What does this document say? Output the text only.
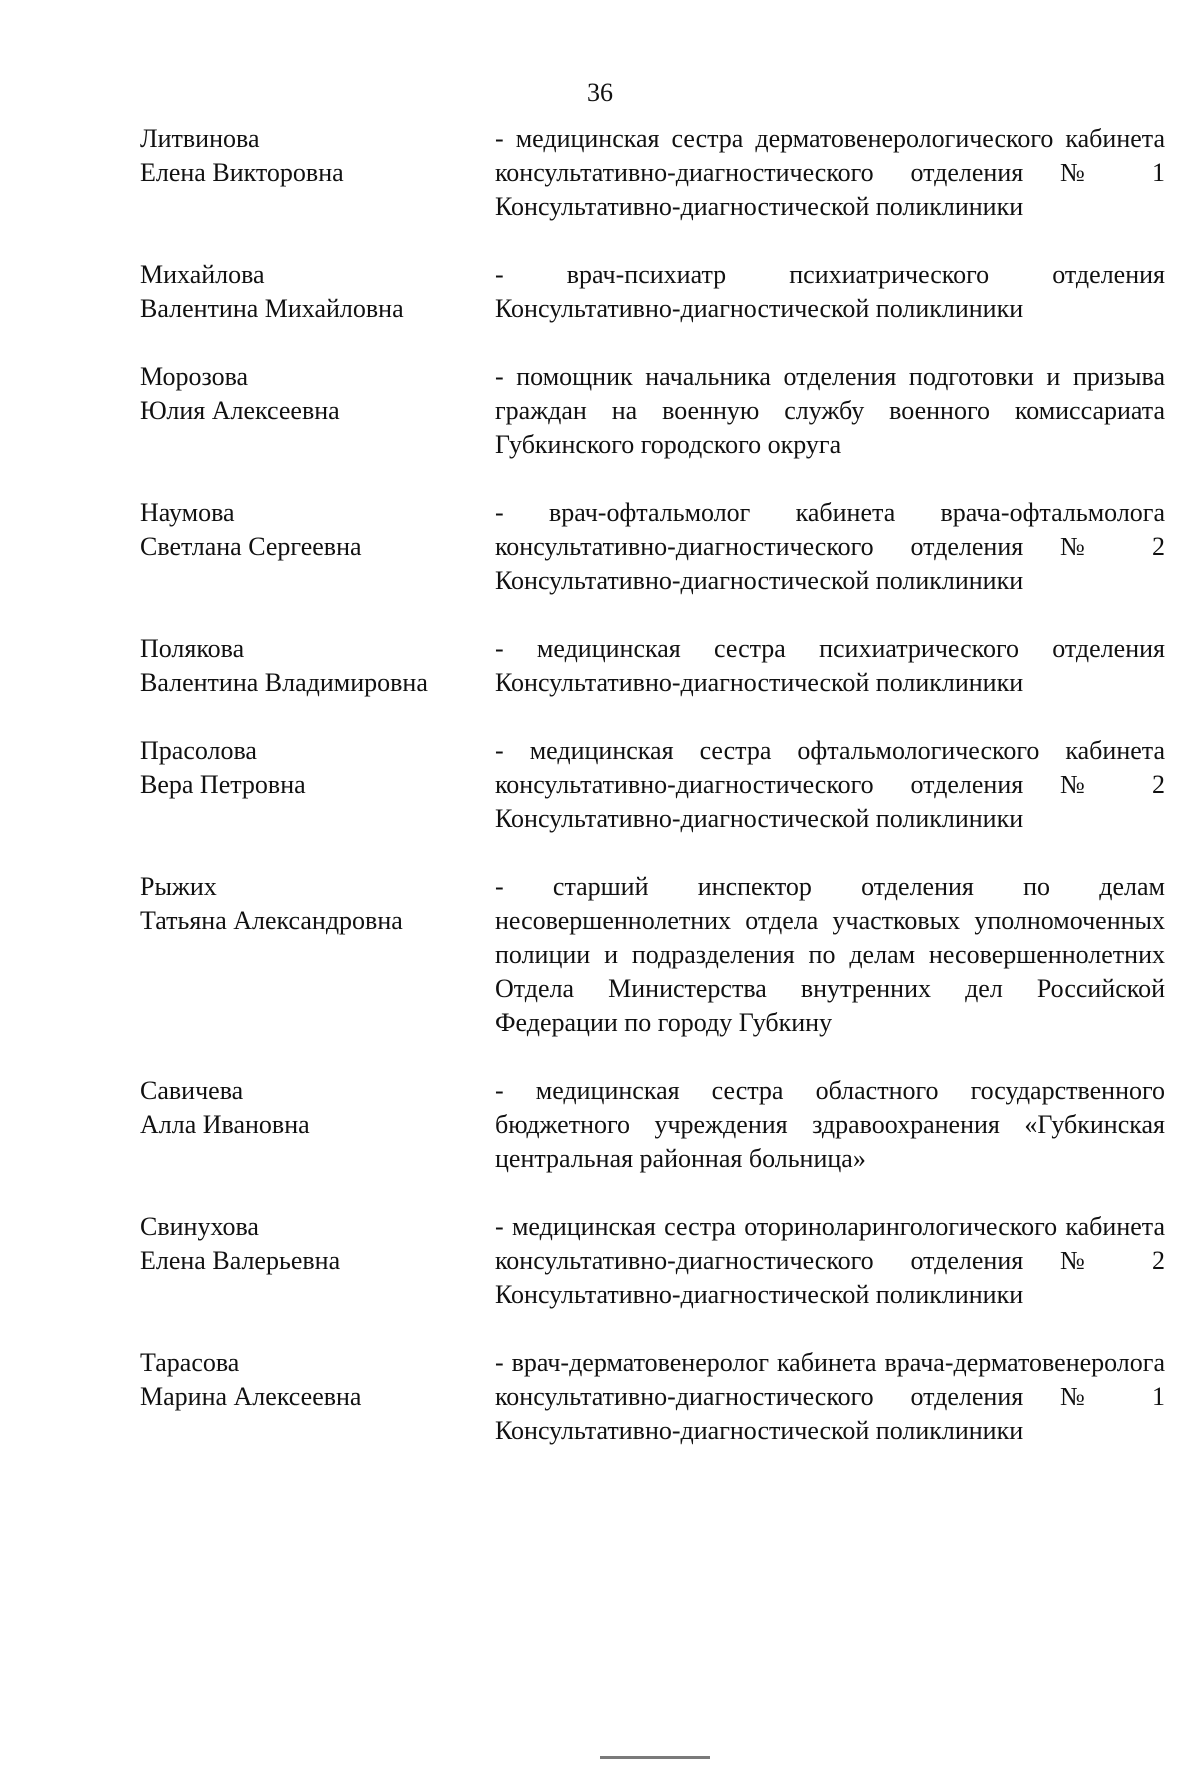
36
Литвинова
Елена Викторовна
- медицинская сестра дерматовенерологического кабинета консультативно-диагностического отделения № 1 Консультативно-диагностической поликлиники
Михайлова
Валентина Михайловна
- врач-психиатр психиатрического отделения Консультативно-диагностической поликлиники
Морозова
Юлия Алексеевна
- помощник начальника отделения подготовки и призыва граждан на военную службу военного комиссариата Губкинского городского округа
Наумова
Светлана Сергеевна
- врач-офтальмолог кабинета врача-офтальмолога консультативно-диагностического отделения № 2 Консультативно-диагностической поликлиники
Полякова
Валентина Владимировна
- медицинская сестра психиатрического отделения Консультативно-диагностической поликлиники
Прасолова
Вера Петровна
- медицинская сестра офтальмологического кабинета консультативно-диагностического отделения № 2 Консультативно-диагностической поликлиники
Рыжих
Татьяна Александровна
- старший инспектор отделения по делам несовершеннолетних отдела участковых уполномоченных полиции и подразделения по делам несовершеннолетних Отдела Министерства внутренних дел Российской Федерации по городу Губкину
Савичева
Алла Ивановна
- медицинская сестра областного государственного бюджетного учреждения здравоохранения «Губкинская центральная районная больница»
Свинухова
Елена Валерьевна
- медицинская сестра оториноларингологического кабинета консультативно-диагностического отделения № 2 Консультативно-диагностической поликлиники
Тарасова
Марина Алексеевна
- врач-дерматовенеролог кабинета врача-дерматовенеролога консультативно-диагностического отделения № 1 Консультативно-диагностической поликлиники
